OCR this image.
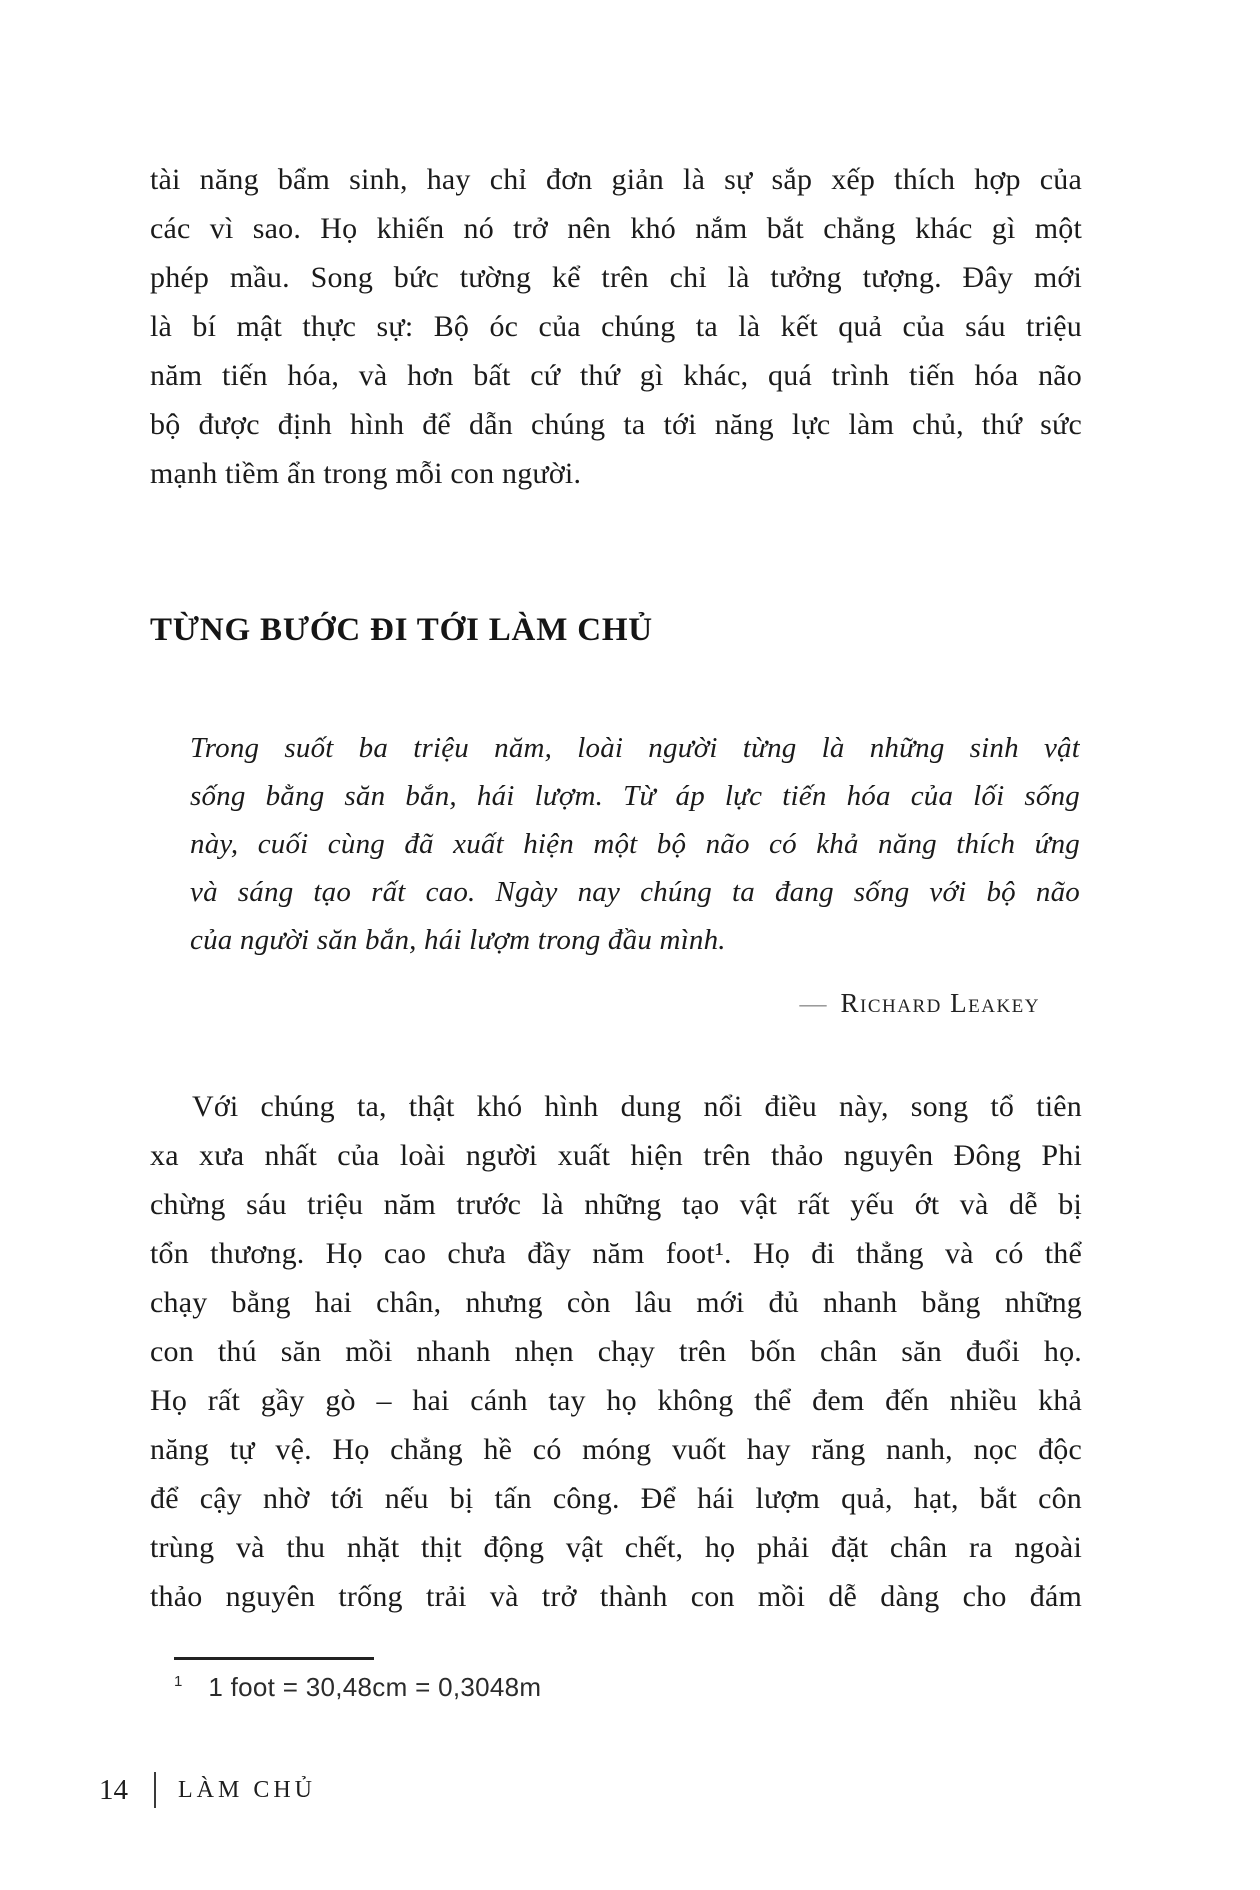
tài năng bẩm sinh, hay chỉ đơn giản là sự sắp xếp thích hợp của
các vì sao. Họ khiến nó trở nên khó nắm bắt chẳng khác gì một
phép mầu. Song bức tường kể trên chỉ là tưởng tượng. Đây mới
là bí mật thực sự: Bộ óc của chúng ta là kết quả của sáu triệu
năm tiến hóa, và hơn bất cứ thứ gì khác, quá trình tiến hóa não
bộ được định hình để dẫn chúng ta tới năng lực làm chủ, thứ sức
mạnh tiềm ẩn trong mỗi con người.
TỪNG BƯỚC ĐI TỚI LÀM CHỦ
Trong suốt ba triệu năm, loài người từng là những sinh vật
sống bằng săn bắn, hái lượm. Từ áp lực tiến hóa của lối sống
này, cuối cùng đã xuất hiện một bộ não có khả năng thích ứng
và sáng tạo rất cao. Ngày nay chúng ta đang sống với bộ não
của người săn bắn, hái lượm trong đầu mình.
— Richard Leakey
Với chúng ta, thật khó hình dung nổi điều này, song tổ tiên
xa xưa nhất của loài người xuất hiện trên thảo nguyên Đông Phi
chừng sáu triệu năm trước là những tạo vật rất yếu ớt và dễ bị
tổn thương. Họ cao chưa đầy năm foot¹. Họ đi thẳng và có thể
chạy bằng hai chân, nhưng còn lâu mới đủ nhanh bằng những
con thú săn mồi nhanh nhẹn chạy trên bốn chân săn đuổi họ.
Họ rất gầy gò – hai cánh tay họ không thể đem đến nhiều khả
năng tự vệ. Họ chẳng hề có móng vuốt hay răng nanh, nọc độc
để cậy nhờ tới nếu bị tấn công. Để hái lượm quả, hạt, bắt côn
trùng và thu nhặt thịt động vật chết, họ phải đặt chân ra ngoài
thảo nguyên trống trải và trở thành con mồi dễ dàng cho đám
1 1 foot = 30,48cm = 0,3048m
14 LÀM CHỦ
